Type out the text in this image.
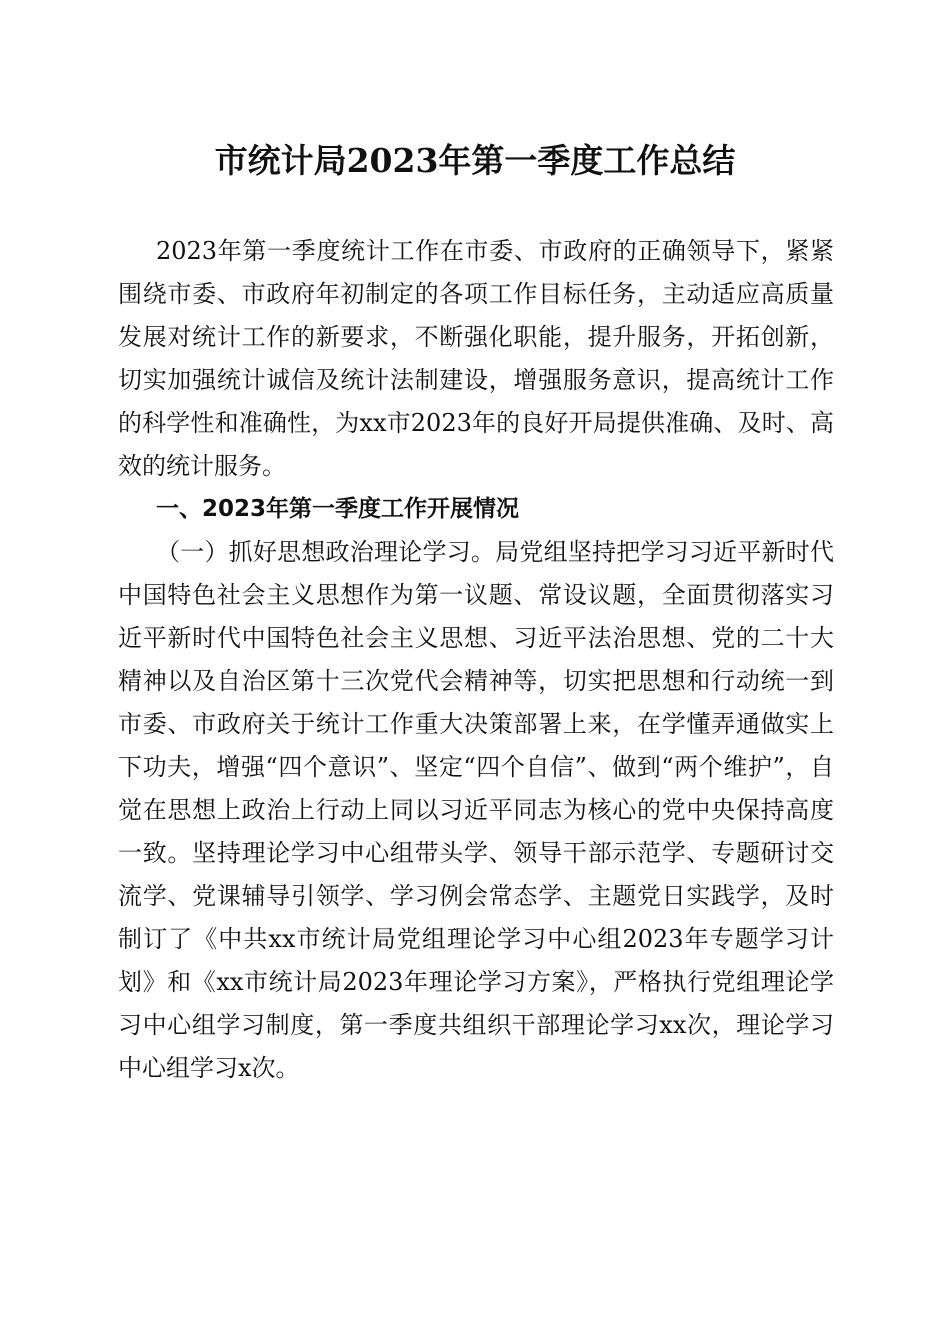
市统计局2023年第一季度工作总结

2023年第一季度统计工作在市委、市政府的正确领导下，紧紧围绕市委、市政府年初制定的各项工作目标任务，主动适应高质量发展对统计工作的新要求，不断强化职能，提升服务，开拓创新，切实加强统计诚信及统计法制建设，增强服务意识，提高统计工作的科学性和准确性，为xx市2023年的良好开局提供准确、及时、高效的统计服务。

一、2023年第一季度工作开展情况

（一）抓好思想政治理论学习。局党组坚持把学习习近平新时代中国特色社会主义思想作为第一议题、常设议题，全面贯彻落实习近平新时代中国特色社会主义思想、习近平法治思想、党的二十大精神以及自治区第十三次党代会精神等，切实把思想和行动统一到市委、市政府关于统计工作重大决策部署上来，在学懂弄通做实上下功夫，增强“四个意识”、坚定“四个自信”、做到“两个维护”，自觉在思想上政治上行动上同以习近平同志为核心的党中央保持高度一致。坚持理论学习中心组带头学、领导干部示范学、专题研讨交流学、党课辅导引领学、学习例会常态学、主题党日实践学，及时制订了《中共xx市统计局党组理论学习中心组2023年专题学习计划》和《xx市统计局2023年理论学习方案》，严格执行党组理论学习中心组学习制度，第一季度共组织干部理论学习xx次，理论学习中心组学习x次。
